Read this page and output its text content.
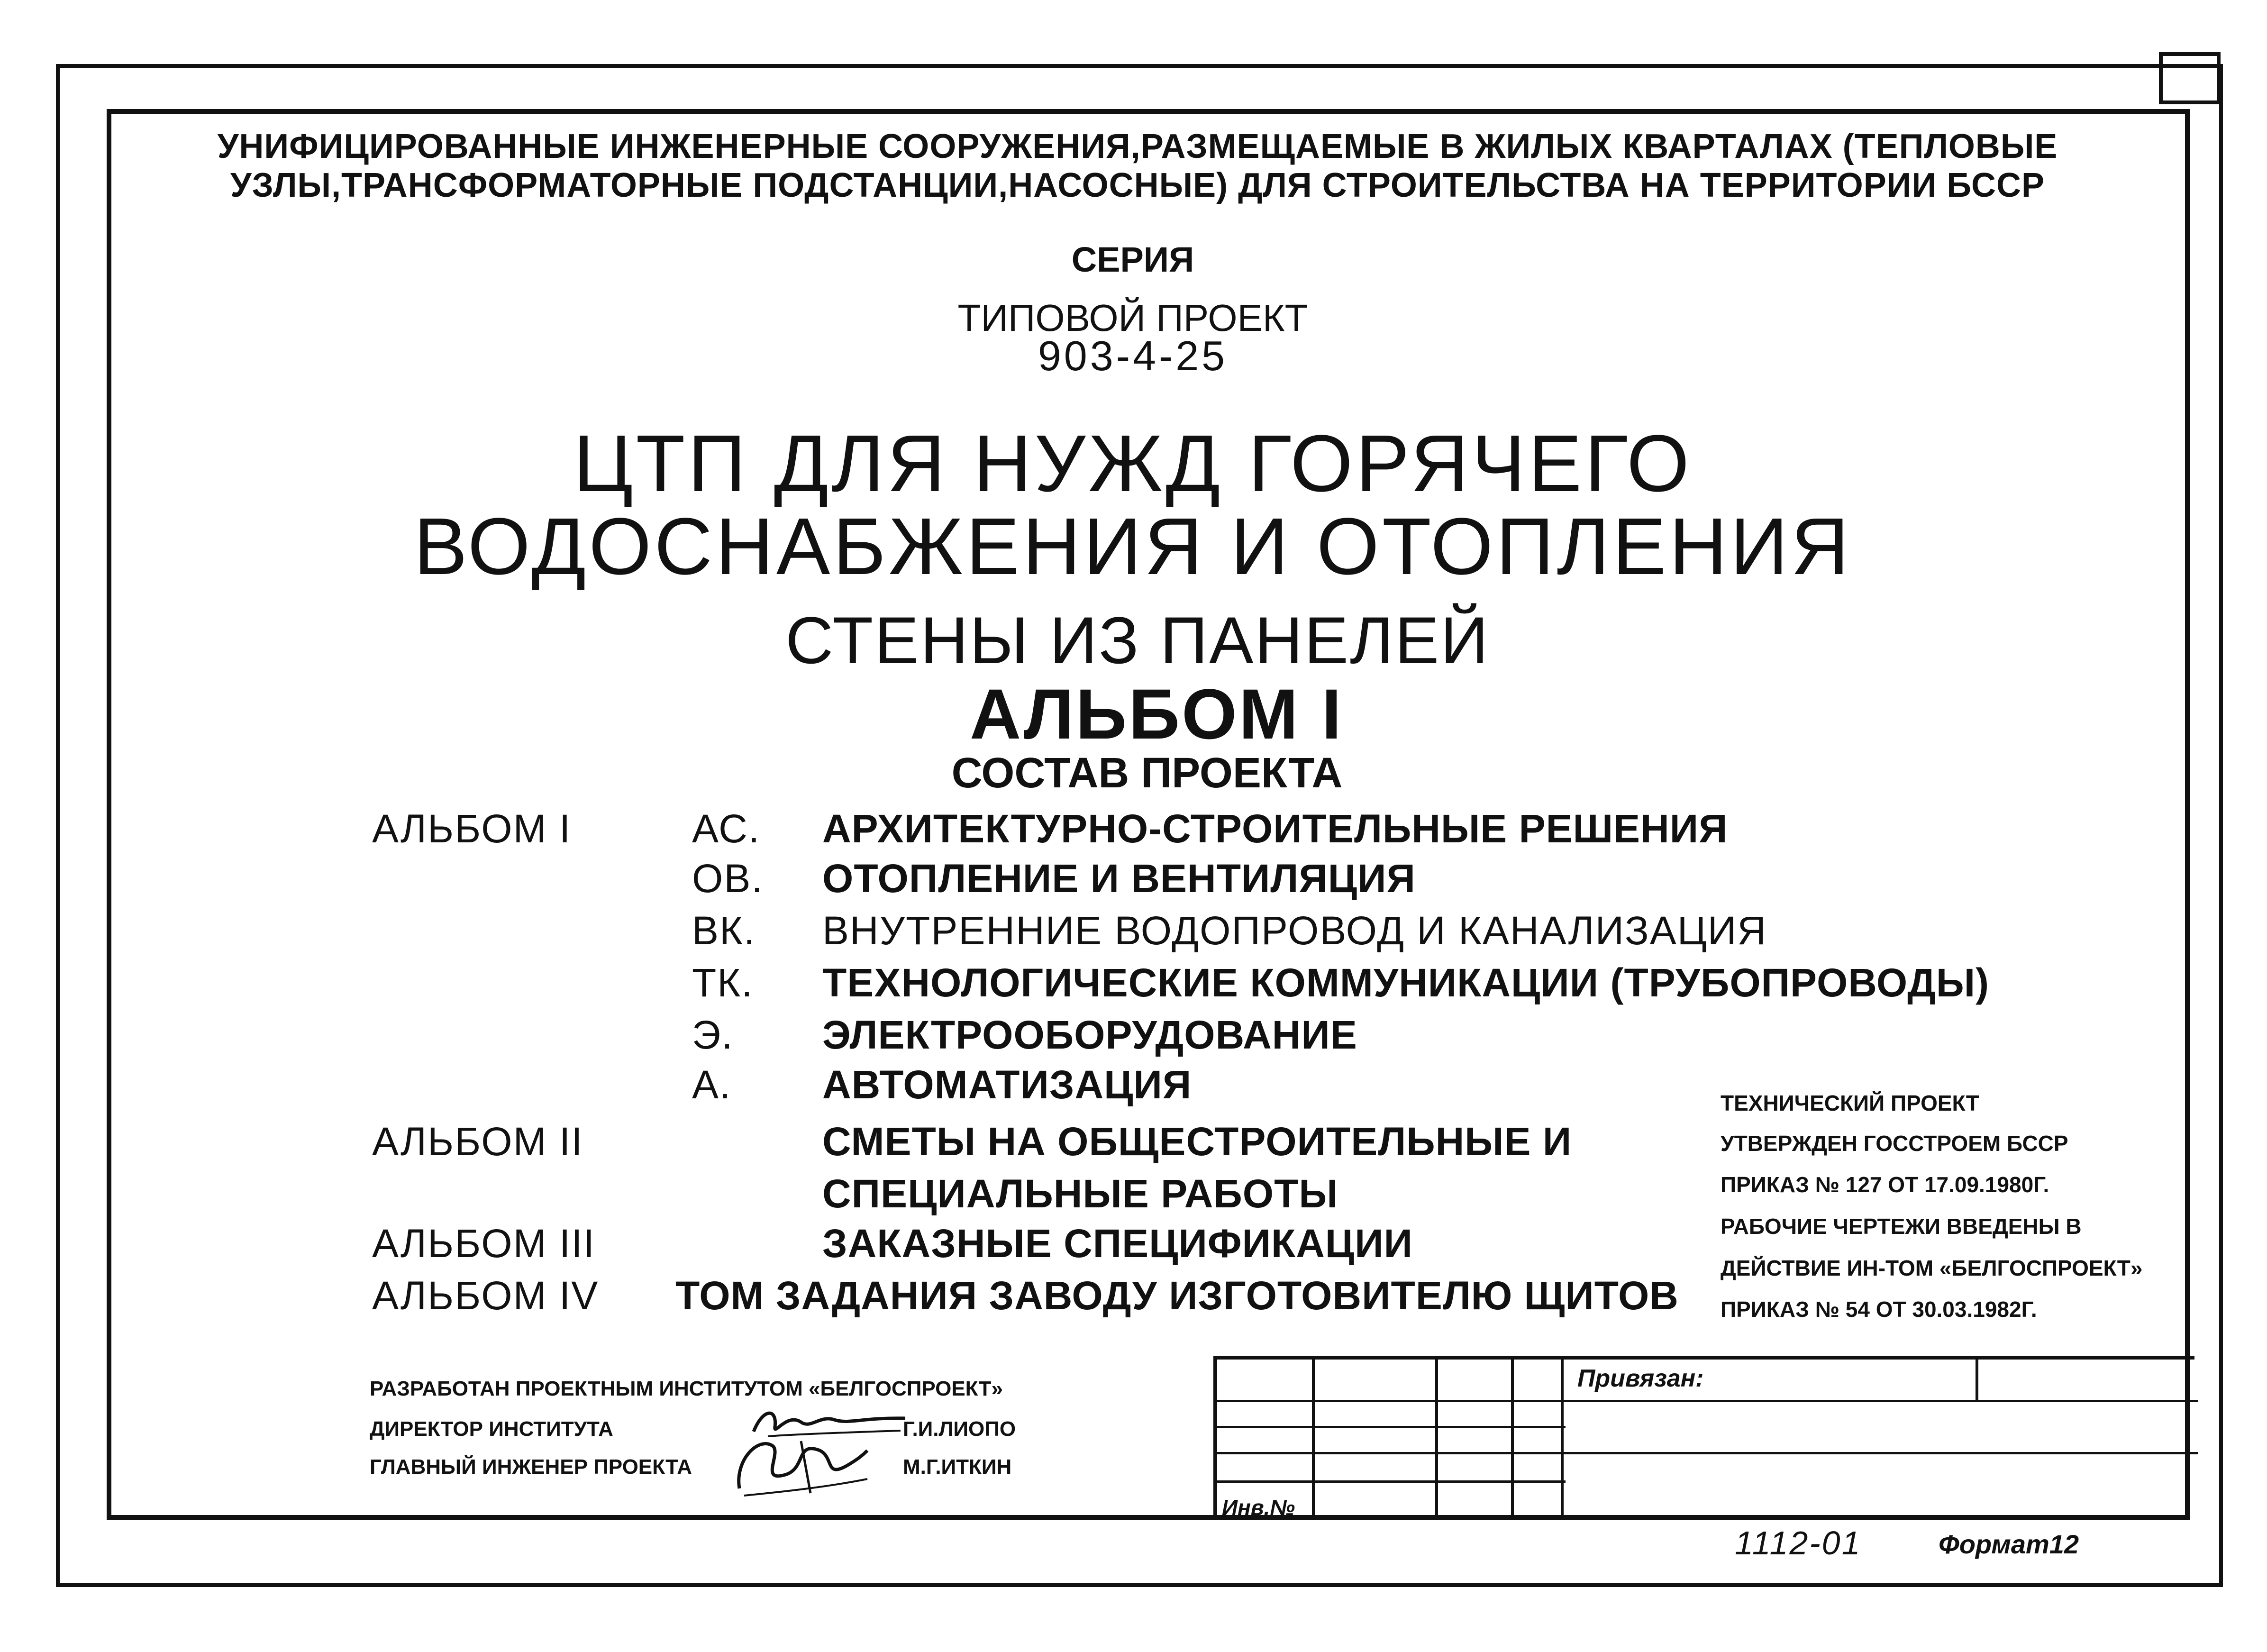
УНИФИЦИРОВАННЫЕ ИНЖЕНЕРНЫЕ СООРУЖЕНИЯ,РАЗМЕЩАЕМЫЕ В ЖИЛЫХ КВАРТАЛАХ (ТЕПЛОВЫЕ
УЗЛЫ,ТРАНСФОРМАТОРНЫЕ ПОДСТАНЦИИ,НАСОСНЫЕ) ДЛЯ СТРОИТЕЛЬСТВА НА ТЕРРИТОРИИ БССР
СЕРИЯ
ТИПОВОЙ ПРОЕКТ
903-4-25
ЦТП ДЛЯ НУЖД ГОРЯЧЕГО
ВОДОСНАБЖЕНИЯ И ОТОПЛЕНИЯ
СТЕНЫ ИЗ ПАНЕЛЕЙ
АЛЬБОМ I
СОСТАВ ПРОЕКТА
АЛЬБОМ I	АС. АРХИТЕКТУРНО-СТРОИТЕЛЬНЫЕ РЕШЕНИЯ
ОВ. ОТОПЛЕНИЕ И ВЕНТИЛЯЦИЯ
ВК. ВНУТРЕННИЕ ВОДОПРОВОД И КАНАЛИЗАЦИЯ
ТК. ТЕХНОЛОГИЧЕСКИЕ КОММУНИКАЦИИ (ТРУБОПРОВОДЫ)
Э. ЭЛЕКТРООБОРУДОВАНИЕ
А. АВТОМАТИЗАЦИЯ
АЛЬБОМ II	СМЕТЫ НА ОБЩЕСТРОИТЕЛЬНЫЕ И
СПЕЦИАЛЬНЫЕ РАБОТЫ
АЛЬБОМ III	ЗАКАЗНЫЕ СПЕЦИФИКАЦИИ
АЛЬБОМ IV ТОМ ЗАДАНИЯ ЗАВОДУ ИЗГОТОВИТЕЛЮ ЩИТОВ
ТЕХНИЧЕСКИЙ ПРОЕКТ
УТВЕРЖДЕН ГОССТРОЕМ БССР
ПРИКАЗ № 127 ОТ 17.09.1980Г.
РАБОЧИЕ ЧЕРТЕЖИ ВВЕДЕНЫ В
ДЕЙСТВИЕ ИН-ТОМ «БЕЛГОСПРОЕКТ»
ПРИКАЗ № 54 ОТ 30.03.1982Г.
РАЗРАБОТАН ПРОЕКТНЫМ ИНСТИТУТОМ «БЕЛГОСПРОЕКТ»
ДИРЕКТОР ИНСТИТУТА	Г.И.ЛИОПО
ГЛАВНЫЙ ИНЖЕНЕР ПРОЕКТА	М.Г.ИТКИН
Привязан:
Инв.№
1112-01	Формат12
